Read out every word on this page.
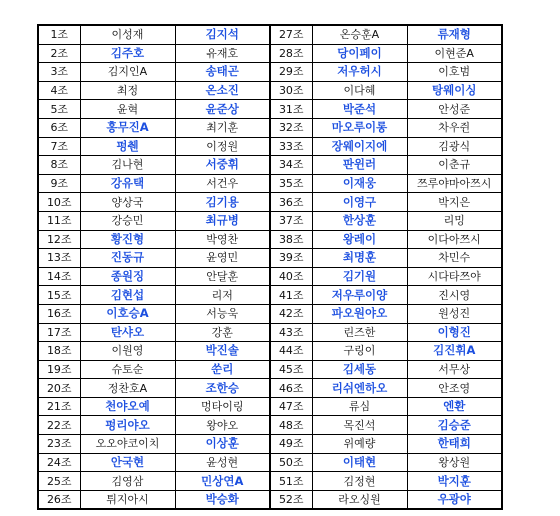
1조	이성재	김지석	27조	온승훈A	류재형
2조	김주호	유재호	28조	당이페이	이현준A
3조	김지인A	송태곤	29조	저우허시	이호범
4조	최정	온소진	30조	이다혜	탕웨이싱
5조	윤혁	윤준상	31조	박준석	안성준
6조	홍무진A	최기훈	32조	마오루이롱	차우쥔
7조	펑췐	이정원	33조	장웨이지에	김광식
8조	김나현	서중휘	34조	판윈러	이춘규
9조	강유택	서건우	35조	이재웅	쯔루야마아쯔시
10조	양상국	김기용	36조	이영구	박지은
11조	강승민	최규병	37조	한상훈	리밍
12조	황진형	박영찬	38조	왕레이	이다아쯔시
13조	진동규	윤영민	39조	최명훈	차민수
14조	종원징	안달훈	40조	김기원	시다타쯔야
15조	김현섭	리저	41조	저우루이양	진시영
16조	이호승A	서능욱	42조	파오원야오	원성진
17조	탄샤오	강훈	43조	린즈한	이형진
18조	이원영	박진솔	44조	구링이	김진휘A
19조	슈토순	쑨리	45조	김세동	서무상
20조	정찬호A	조한승	46조	리쉬엔하오	안조영
21조	천야오예	멍타이링	47조	류심	엔환
22조	펑리야오	왕야오	48조	목진석	김승준
23조	오오야코이치	이상훈	49조	위예량	한태희
24조	안국현	윤성현	50조	이태현	왕상원
25조	김영삼	민상연A	51조	김정현	박지훈
26조	튀지아시	박승화	52조	라오싱원	우광야
